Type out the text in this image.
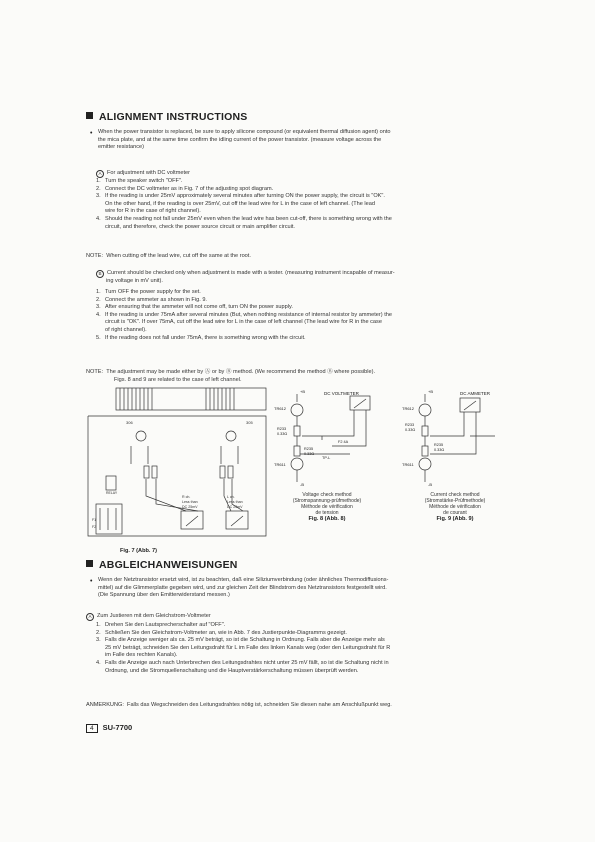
ALIGNMENT INSTRUCTIONS
• When the power transistor is replaced, be sure to apply silicone compound (or equivalent thermal diffusion agent) onto
the mica plate, and at the same time confirm the idling current of the power transistor. (measure voltage across the
emitter resistance)
A For adjustment with DC voltmeter
1. Turn the speaker switch "OFF".
2. Connect the DC voltmeter as in Fig. 7 of the adjusting spot diagram.
3. If the reading is under 25mV approximately several minutes after turning ON the power supply, the circuit is "OK".
On the other hand, if the reading is over 25mV, cut off the lead wire for L in the case of left channel. (The lead
wire for R in the case of right channel).
4. Should the reading not fall under 25mV even when the lead wire has been cut-off, there is something wrong with the
circuit, and therefore, check the power source circuit or main amplifier circuit.
NOTE: When cutting off the lead wire, cut off the same at the root.
B Current should be checked only when adjustment is made with a tester. (measuring instrument incapable of measur-
ing voltage in mV unit).
1. Turn OFF the power supply for the set.
2. Connect the ammeter as shown in Fig. 9.
3. After ensuring that the ammeter will not come off, turn ON the power supply.
4. If the reading is under 75mA after several minutes (But, when nothing resistance of internal resistor by ammeter) the
circuit is "OK". If over 75mA, cut off the lead wire for L in the case of left channel (The lead wire for R in the case
of right channel).
5. If the reading does not fall under 75mA, there is something wrong with the circuit.
NOTE: The adjustment may be made either by Ⓐ or by Ⓑ method. (We recommend the method Ⓑ where possible).
Figs. 8 and 9 are related to the case of left channel.
RELAY
306	305
F1
F2
R ch.
Less than
DC 25mV
L ch.
Less than
DC 25mV
Fig. 7 (Abb. 7)
DC VOLTMETER
+B
TR612
TR611
-B
R233
0.33Ω
R235
0.33Ω
F2 4A
TP-L
Voltage check method
(Stromspannung-prüfmethode)
Méthode de vérification
de tension
Fig. 8 (Abb. 8)
DC AMMETER
+B
TR612
TR611
-B
R233
0.33Ω
R235
0.33Ω
Current check method
(Stromstärke-Prüfmethode)
Méthode de vérification
de courant
Fig. 9 (Abb. 9)
ABGLEICHANWEISUNGEN
• Wenn der Netztransistor ersetzt wird, ist zu beachten, daß eine Siliziumverbindung (oder ähnliches Thermodiffusions-
mittel) auf die Glimmerplatte gegeben wird, und zur gleichen Zeit der Blindstrom des Netztransistors festgestellt wird.
(Die Spannung über den Emitterwiderstand messen.)
A Zum Justieren mit dem Gleichstrom-Voltmeter
1. Drehen Sie den Lautsprecherschalter auf "OFF".
2. Schließen Sie den Gleichstrom-Voltmeter an, wie in Abb. 7 des Justierpunkte-Diagramms gezeigt.
3. Falls die Anzeige weniger als ca. 25 mV beträgt, so ist die Schaltung in Ordnung. Falls aber die Anzeige mehr als
25 mV beträgt, schneiden Sie den Leitungsdraht für L im Falle des linken Kanals weg (oder den Leitungsdraht für R
im Falle des rechten Kanals).
4. Falls die Anzeige auch nach Unterbrechen des Leitungsdrahtes nicht unter 25 mV fällt, so ist die Schaltung nicht in
Ordnung, und die Stromquellenschaltung und die Hauptverstärkerschaltung müssen überprüft werden.
ANMERKUNG: Falls das Wegschneiden des Leitungsdrahtes nötig ist, schneiden Sie diesen nahe am Anschlußpunkt weg.
4 SU-7700
